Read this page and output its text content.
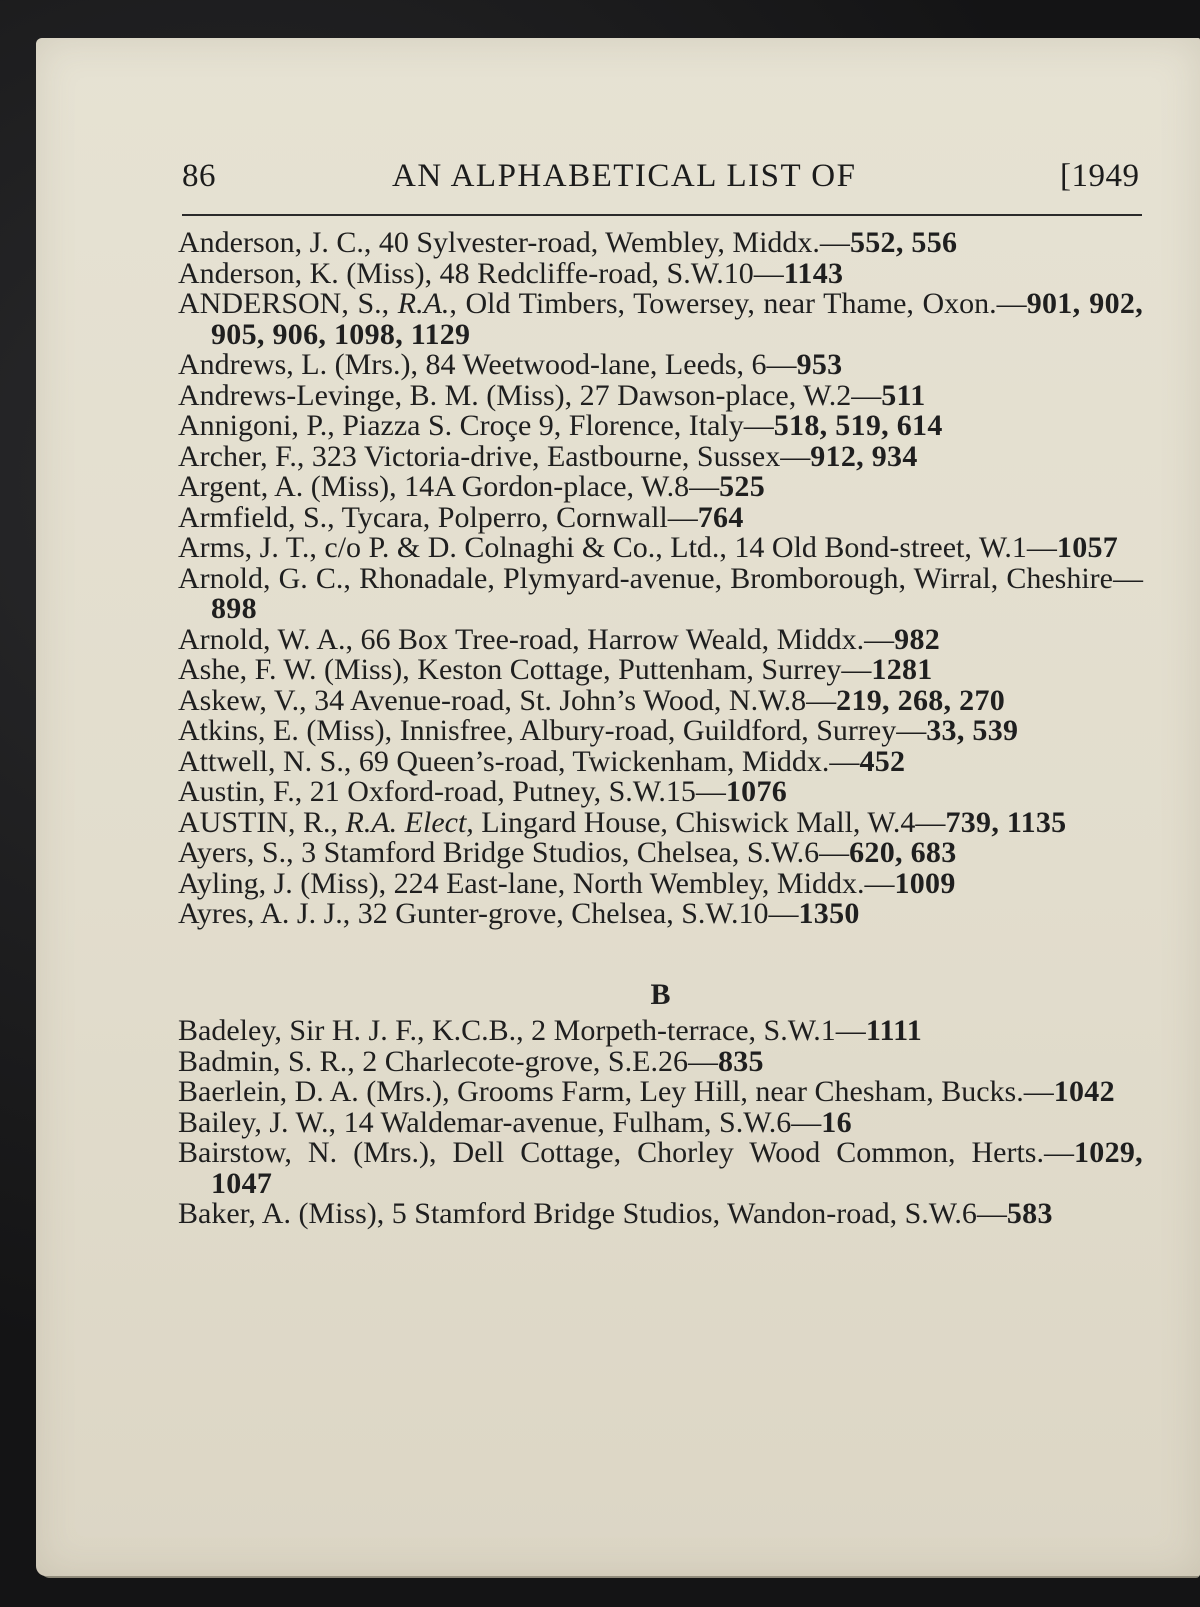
86	AN ALPHABETICAL LIST OF	[1949
Anderson, J. C., 40 Sylvester-road, Wembley, Middx.—552, 556
Anderson, K. (Miss), 48 Redcliffe-road, S.W.10—1143
ANDERSON, S., R.A., Old Timbers, Towersey, near Thame, Oxon.—901, 902, 905, 906, 1098, 1129
Andrews, L. (Mrs.), 84 Weetwood-lane, Leeds, 6—953
Andrews-Levinge, B. M. (Miss), 27 Dawson-place, W.2—511
Annigoni, P., Piazza S. Croçe 9, Florence, Italy—518, 519, 614
Archer, F., 323 Victoria-drive, Eastbourne, Sussex—912, 934
Argent, A. (Miss), 14A Gordon-place, W.8—525
Armfield, S., Tycara, Polperro, Cornwall—764
Arms, J. T., c/o P. & D. Colnaghi & Co., Ltd., 14 Old Bond-street, W.1—1057
Arnold, G. C., Rhonadale, Plymyard-avenue, Bromborough, Wirral, Cheshire—898
Arnold, W. A., 66 Box Tree-road, Harrow Weald, Middx.—982
Ashe, F. W. (Miss), Keston Cottage, Puttenham, Surrey—1281
Askew, V., 34 Avenue-road, St. John’s Wood, N.W.8—219, 268, 270
Atkins, E. (Miss), Innisfree, Albury-road, Guildford, Surrey—33, 539
Attwell, N. S., 69 Queen’s-road, Twickenham, Middx.—452
Austin, F., 21 Oxford-road, Putney, S.W.15—1076
AUSTIN, R., R.A. Elect, Lingard House, Chiswick Mall, W.4—739, 1135
Ayers, S., 3 Stamford Bridge Studios, Chelsea, S.W.6—620, 683
Ayling, J. (Miss), 224 East-lane, North Wembley, Middx.—1009
Ayres, A. J. J., 32 Gunter-grove, Chelsea, S.W.10—1350
B
Badeley, Sir H. J. F., K.C.B., 2 Morpeth-terrace, S.W.1—1111
Badmin, S. R., 2 Charlecote-grove, S.E.26—835
Baerlein, D. A. (Mrs.), Grooms Farm, Ley Hill, near Chesham, Bucks.—1042
Bailey, J. W., 14 Waldemar-avenue, Fulham, S.W.6—16
Bairstow, N. (Mrs.), Dell Cottage, Chorley Wood Common, Herts.—1029, 1047
Baker, A. (Miss), 5 Stamford Bridge Studios, Wandon-road, S.W.6—583
